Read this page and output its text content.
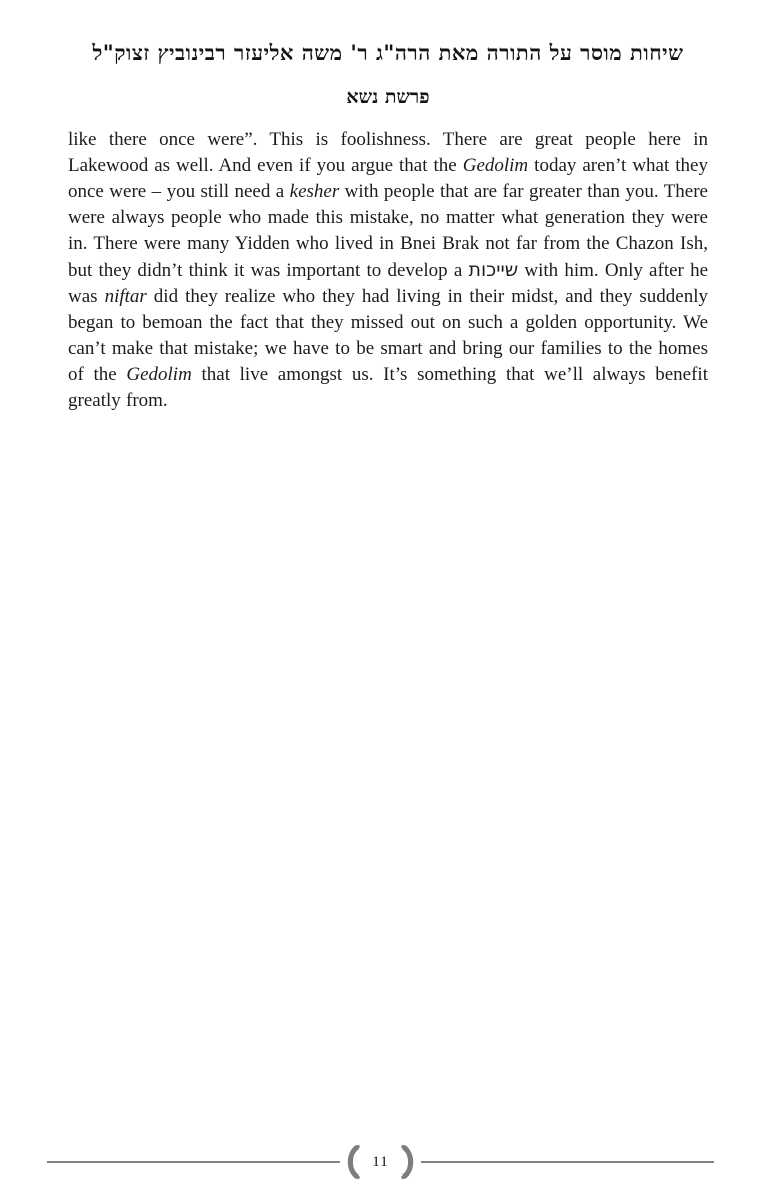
שיחות מוסר על התורה מאת הרה"ג ר' משה אליעזר רבינוביץ זצוק"ל
פרשת נשא

like there once were”. This is foolishness. There are great people here in Lakewood as well. And even if you argue that the Gedolim today aren’t what they once were – you still need a kesher with people that are far greater than you. There were always people who made this mistake, no matter what generation they were in. There were many Yidden who lived in Bnei Brak not far from the Chazon Ish, but they didn’t think it was important to develop a שייכות with him. Only after he was niftar did they realize who they had living in their midst, and they suddenly began to bemoan the fact that they missed out on such a golden opportunity. We can’t make that mistake; we have to be smart and bring our families to the homes of the Gedolim that live amongst us. It’s something that we’ll always benefit greatly from.

11
